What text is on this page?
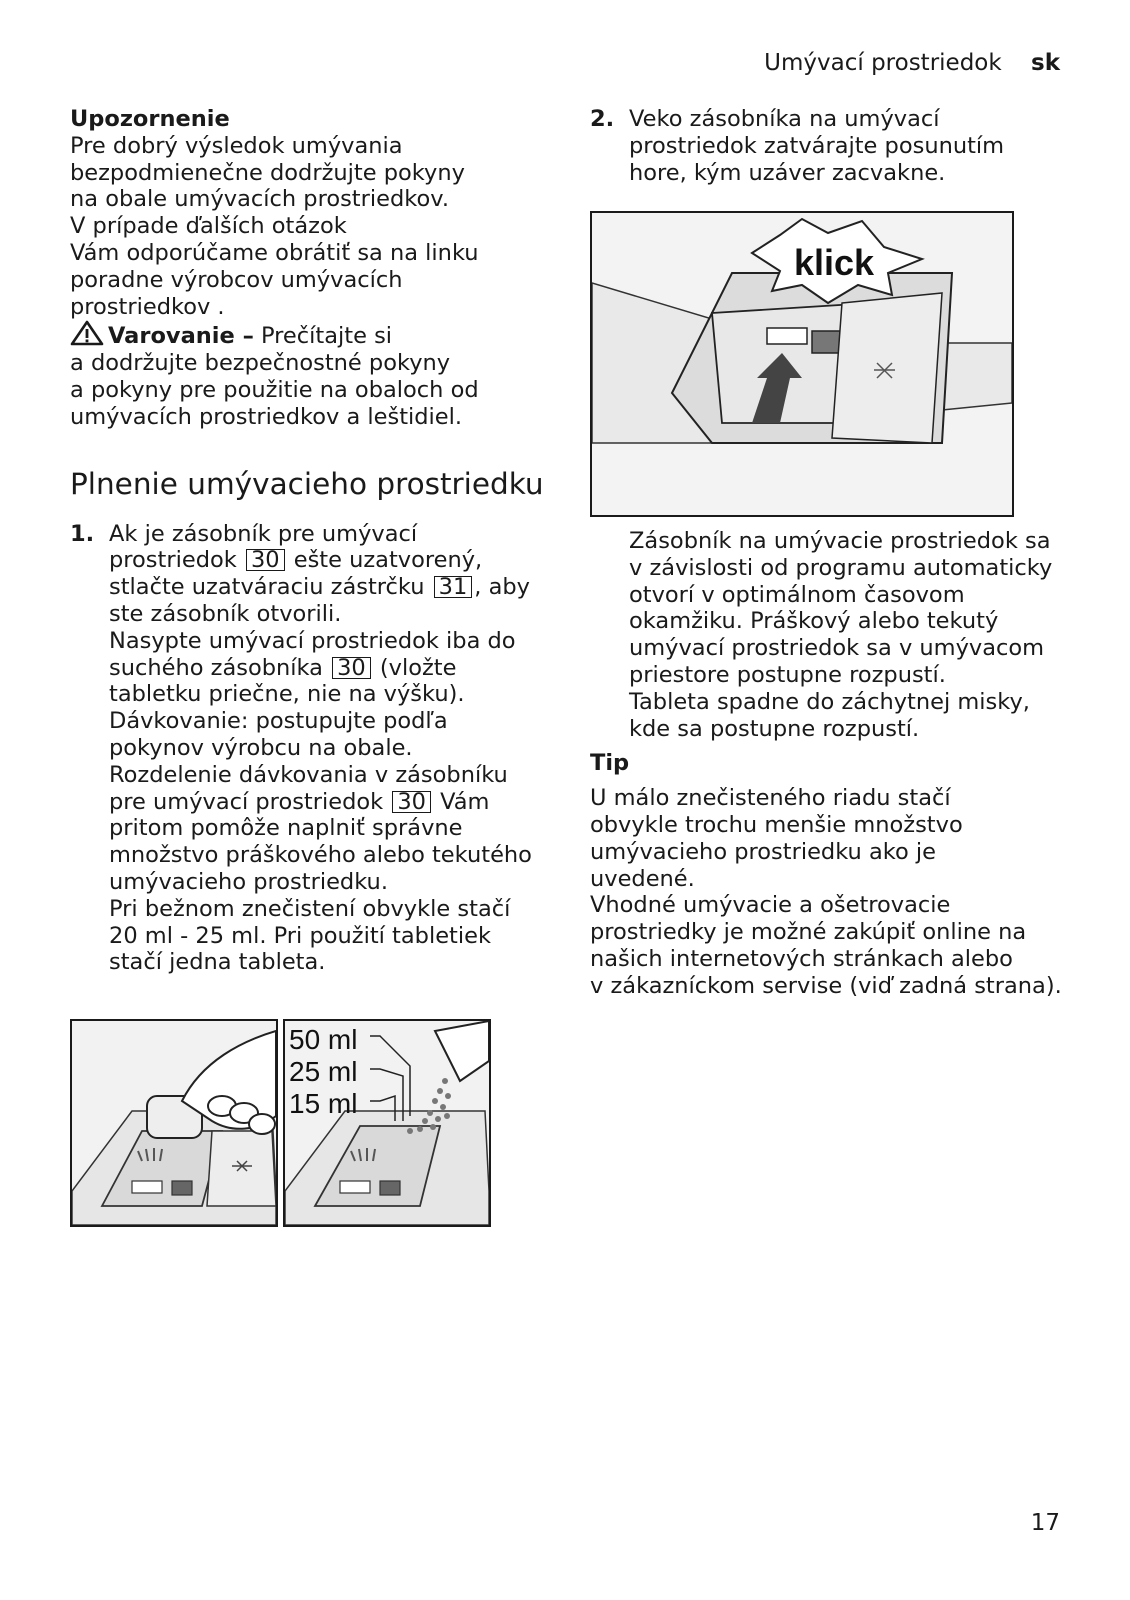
Umývací prostriedok sk
Upozornenie
Pre dobrý výsledok umývania
bezpodmienečne dodržujte pokyny
na obale umývacích prostriedkov.
V prípade ďalších otázok
Vám odporúčame obrátiť sa na linku
poradne výrobcov umývacích
prostriedkov .
Varovanie – Prečítajte si
a dodržujte bezpečnostné pokyny
a pokyny pre použitie na obaloch od
umývacích prostriedkov a leštidiel.
Plnenie umývacieho prostriedku
1. Ak je zásobník pre umývací
prostriedok 30 ešte uzatvorený,
stlačte uzatváraciu zástrčku 31 , aby
ste zásobník otvorili.
Nasypte umývací prostriedok iba do
suchého zásobníka 30 (vložte
tabletku priečne, nie na výšku).
Dávkovanie: postupujte podľa
pokynov výrobcu na obale.
Rozdelenie dávkovania v zásobníku
pre umývací prostriedok 30 Vám
pritom pomôže naplniť správne
množstvo práškového alebo tekutého
umývacieho prostriedku.
Pri bežnom znečistení obvykle stačí
20 ml - 25 ml. Pri použití tabletiek
stačí jedna tableta.
50 ml
25 ml
15 ml
2. Veko zásobníka na umývací
prostriedok zatvárajte posunutím
hore, kým uzáver zacvakne.
klick
Zásobník na umývacie prostriedok sa
v závislosti od programu automaticky
otvorí v optimálnom časovom
okamžiku. Práškový alebo tekutý
umývací prostriedok sa v umývacom
priestore postupne rozpustí.
Tableta spadne do záchytnej misky,
kde sa postupne rozpustí.
Tip
U málo znečisteného riadu stačí
obvykle trochu menšie množstvo
umývacieho prostriedku ako je
uvedené.
Vhodné umývacie a ošetrovacie
prostriedky je možné zakúpiť online na
našich internetových stránkach alebo
v zákazníckom servise (viď zadná strana).
17
